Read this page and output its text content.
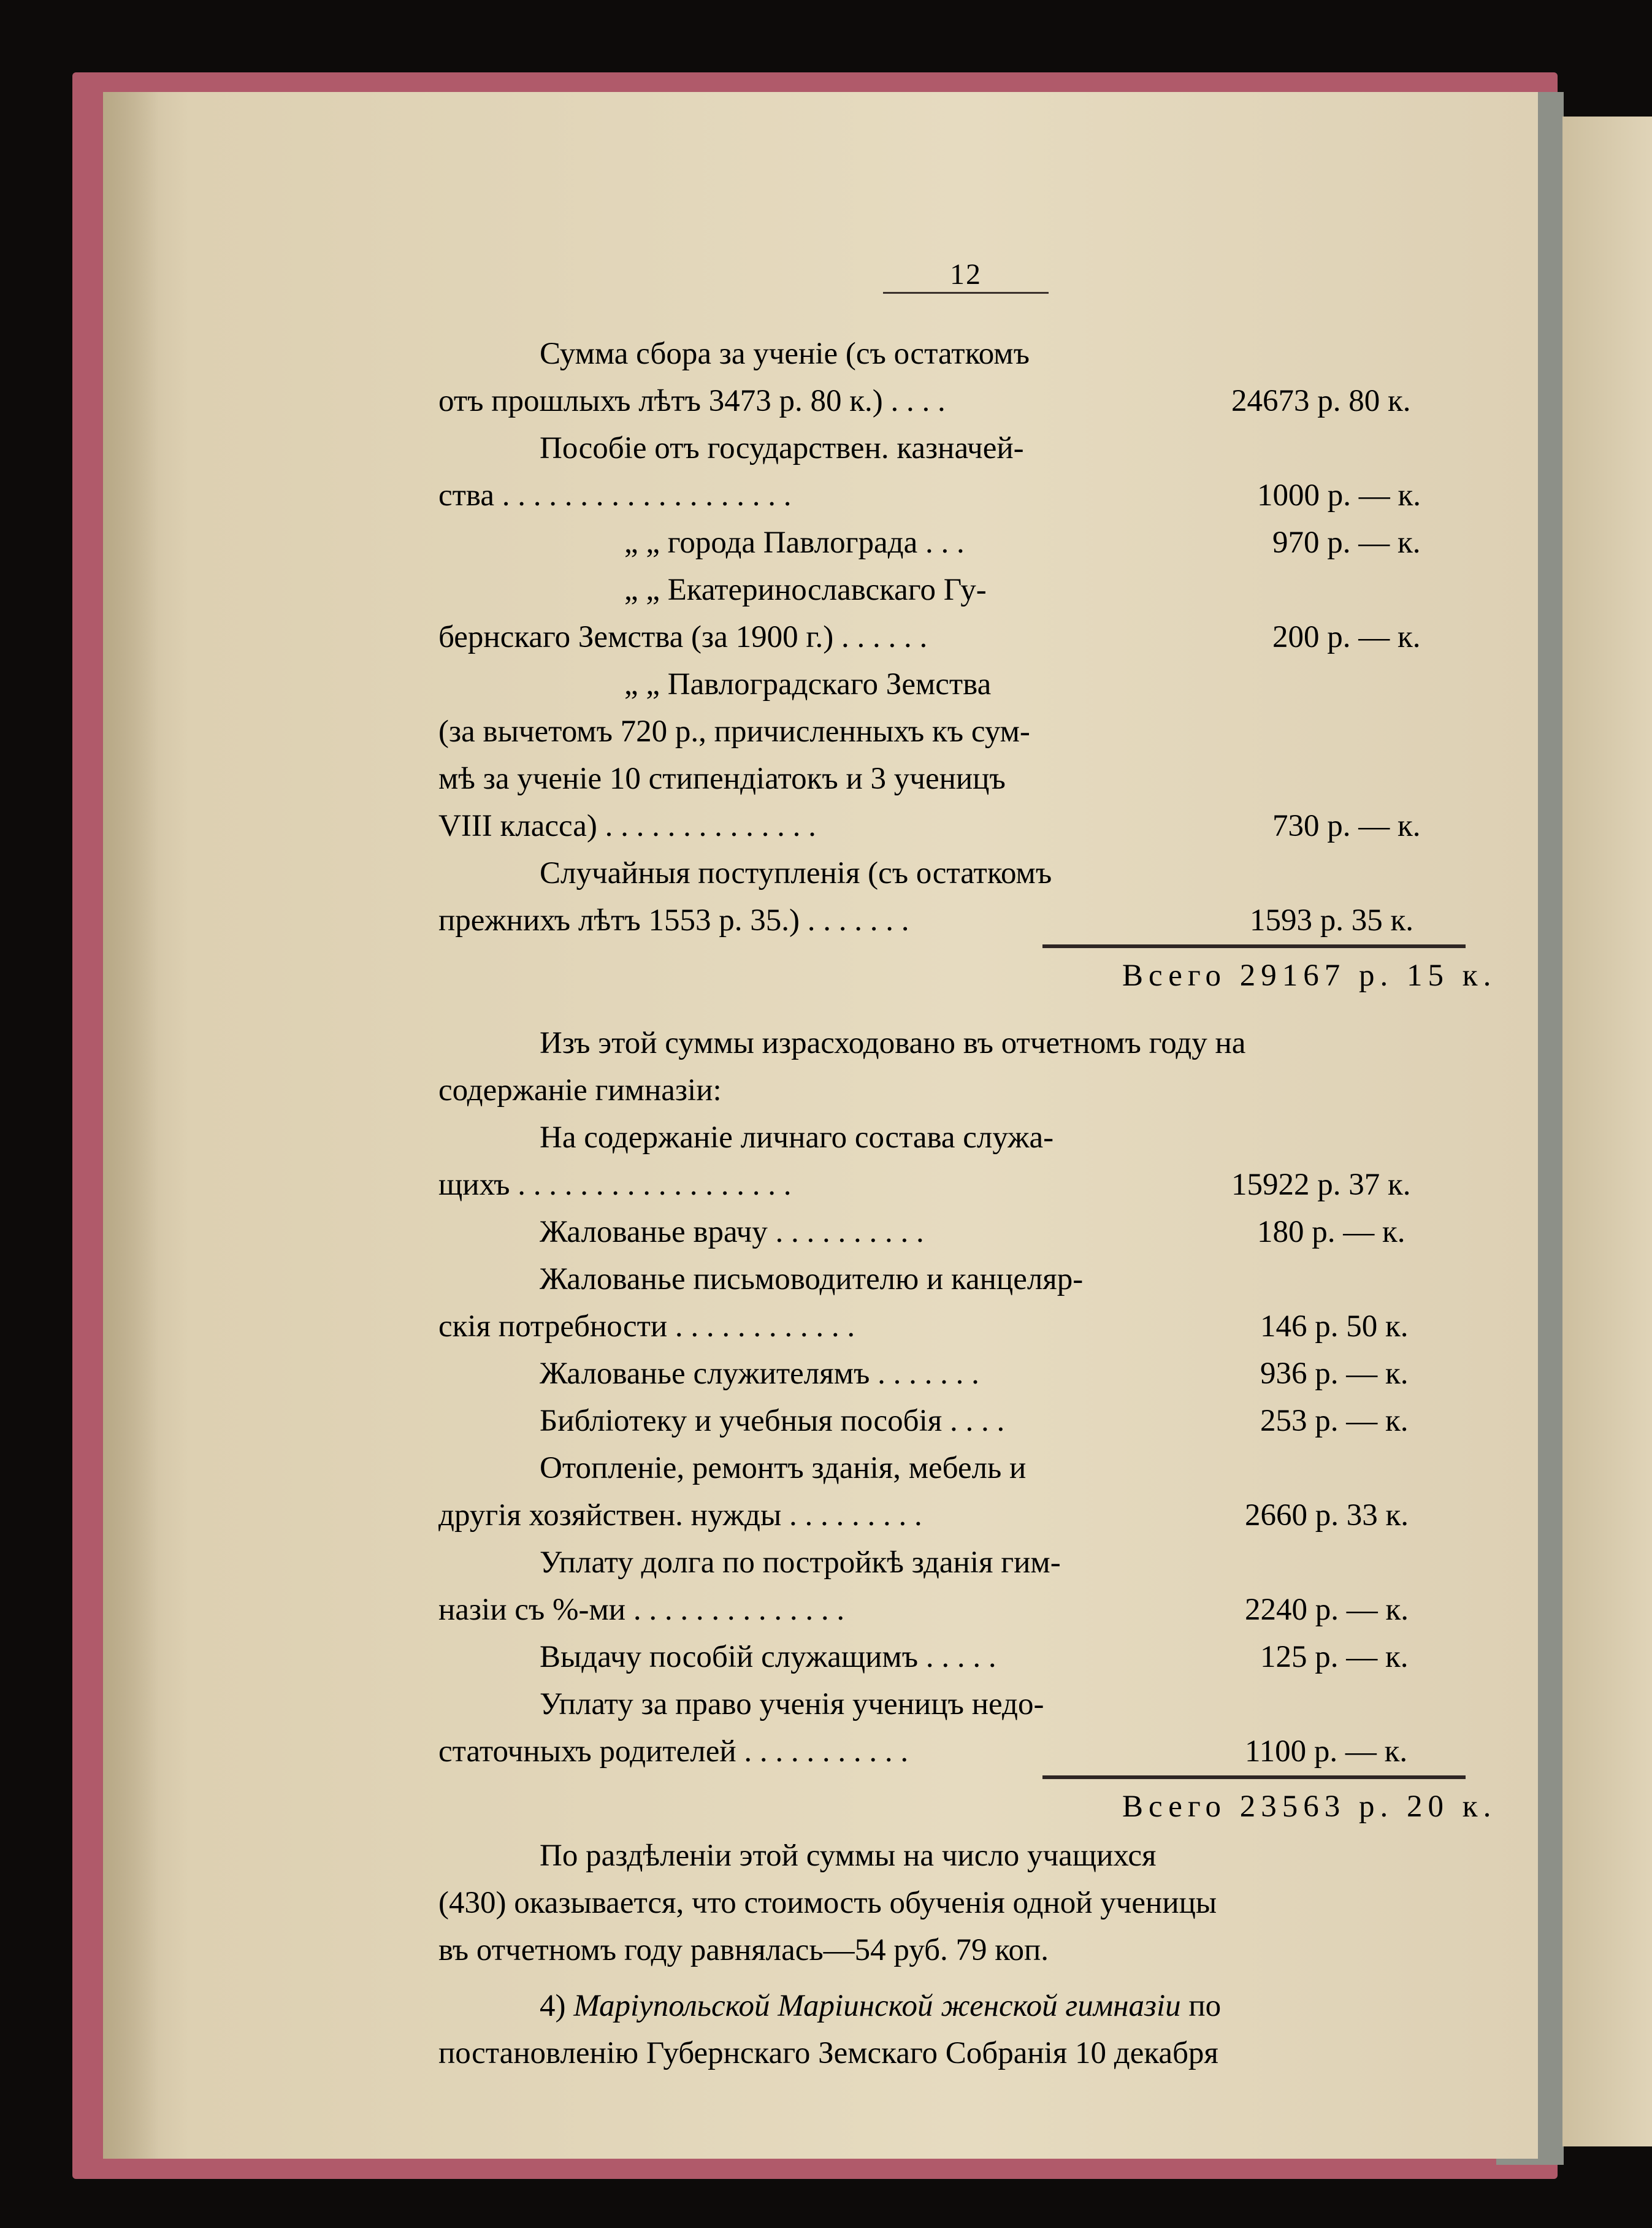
12
Сумма сбора за ученіе (съ остаткомъ
отъ прошлыхъ лѣтъ 3473 р. 80 к.) . . . .	24673 р. 80 к.
Пособіе отъ государствен. казначей-
ства . . . . . . . . . . . . . . . . . . .	1000 р. — к.
„ „ города Павлограда . . .	970 р. — к.
„ „ Екатеринославскаго Гу-
бернскаго Земства (за 1900 г.) . . . . . .	200 р. — к.
„ „ Павлоградскаго Земства
(за вычетомъ 720 р., причисленныхъ къ сум-
мѣ за ученіе 10 стипендіатокъ и 3 ученицъ
VIII класса) . . . . . . . . . . . . . .	730 р. — к.
Случайныя поступленія (съ остаткомъ
прежнихъ лѣтъ 1553 р. 35.) . . . . . . .	1593 р. 35 к.
Всего 29167 р. 15 к.
Изъ этой суммы израсходовано въ отчетномъ году на
содержаніе гимназіи:
На содержаніе личнаго состава служа-
щихъ . . . . . . . . . . . . . . . . . .	15922 р. 37 к.
Жалованье врачу . . . . . . . . . .	180 р. — к.
Жалованье письмоводителю и канцеляр-
скія потребности . . . . . . . . . . . .	146 р. 50 к.
Жалованье служителямъ . . . . . . .	936 р. — к.
Библіотеку и учебныя пособія . . . .	253 р. — к.
Отопленіе, ремонтъ зданія, мебель и
другія хозяйствен. нужды . . . . . . . . .	2660 р. 33 к.
Уплату долга по постройкѣ зданія гим-
назіи съ %-ми . . . . . . . . . . . . . .	2240 р. — к.
Выдачу пособій служащимъ . . . . .	125 р. — к.
Уплату за право ученія ученицъ недо-
статочныхъ родителей . . . . . . . . . . .	1100 р. — к.
Всего 23563 р. 20 к.
По раздѣленіи этой суммы на число учащихся
(430) оказывается, что стоимость обученія одной ученицы
въ отчетномъ году равнялась—54 руб. 79 коп.
4) Маріупольской Маріинской женской гимназіи по
постановленію Губернскаго Земскаго Собранія 10 декабря
